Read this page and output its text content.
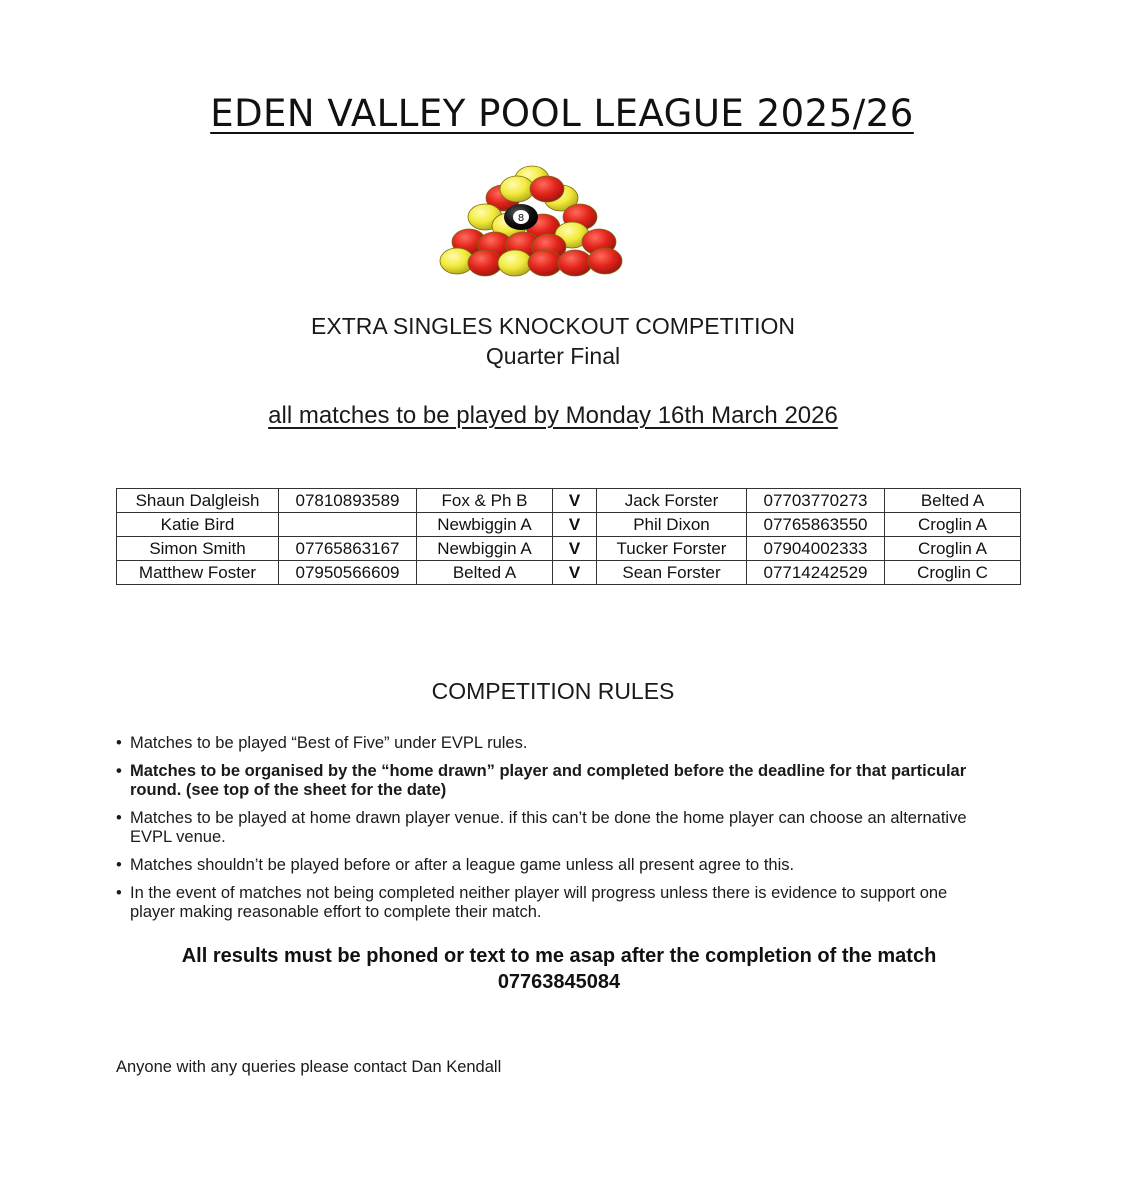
EDEN VALLEY POOL LEAGUE 2025/26
8
EXTRA SINGLES KNOCKOUT COMPETITION
Quarter Final
all matches to be played by Monday 16th March 2026
Shaun Dalgleish	07810893589	Fox & Ph B	V	Jack Forster	07703770273	Belted A
Katie Bird		Newbiggin A	V	Phil Dixon	07765863550	Croglin A
Simon Smith	07765863167	Newbiggin A	V	Tucker Forster	07904002333	Croglin A
Matthew Foster	07950566609	Belted A	V	Sean Forster	07714242529	Croglin C
COMPETITION RULES
• Matches to be played “Best of Five” under EVPL rules.
• Matches to be organised by the “home drawn” player and completed before the deadline for that particular round. (see top of the sheet for the date)
• Matches to be played at home drawn player venue. if this can’t be done the home player can choose an alternative EVPL venue.
• Matches shouldn’t be played before or after a league game unless all present agree to this.
• In the event of matches not being completed neither player will progress unless there is evidence to support one player making reasonable effort to complete their match.
All results must be phoned or text to me asap after the completion of the match
07763845084
Anyone with any queries please contact Dan Kendall
